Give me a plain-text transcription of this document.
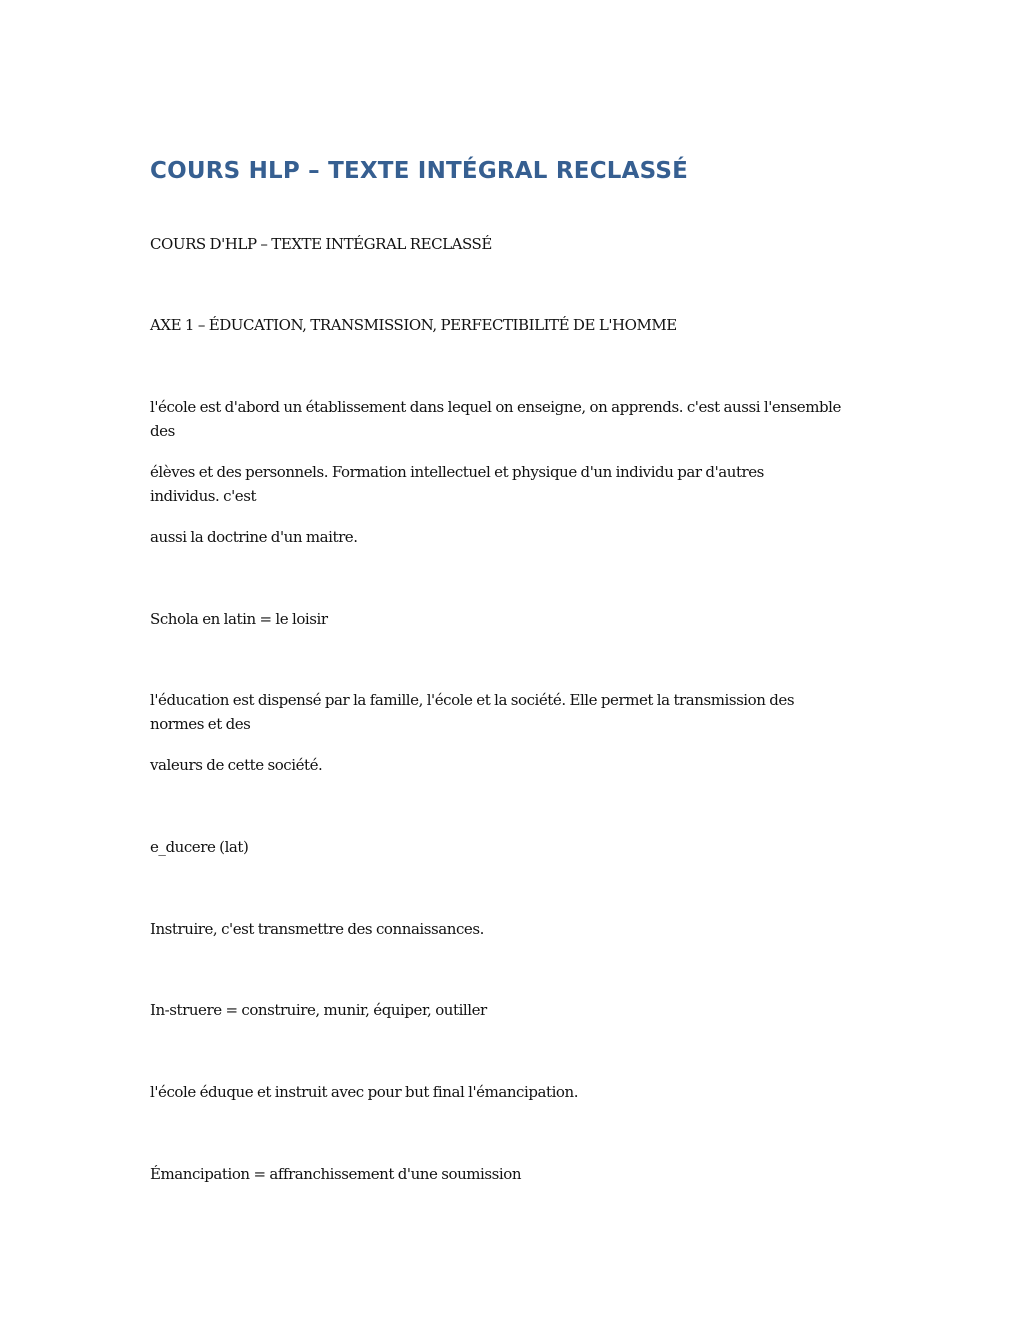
COURS HLP – TEXTE INTÉGRAL RECLASSÉ
COURS D'HLP – TEXTE INTÉGRAL RECLASSÉ
AXE 1 – ÉDUCATION, TRANSMISSION, PERFECTIBILITÉ DE L'HOMME
l'école est d'abord un établissement dans lequel on enseigne, on apprends. c'est aussi l'ensemble
des
élèves et des personnels. Formation intellectuel et physique d'un individu par d'autres
individus. c'est
aussi la doctrine d'un maitre.
Schola en latin = le loisir
l'éducation est dispensé par la famille, l'école et la société. Elle permet la transmission des
normes et des
valeurs de cette société.
e_ducere (lat)
Instruire, c'est transmettre des connaissances.
In-struere = construire, munir, équiper, outiller
l'école éduque et instruit avec pour but final l'émancipation.
Émancipation = affranchissement d'une soumission
